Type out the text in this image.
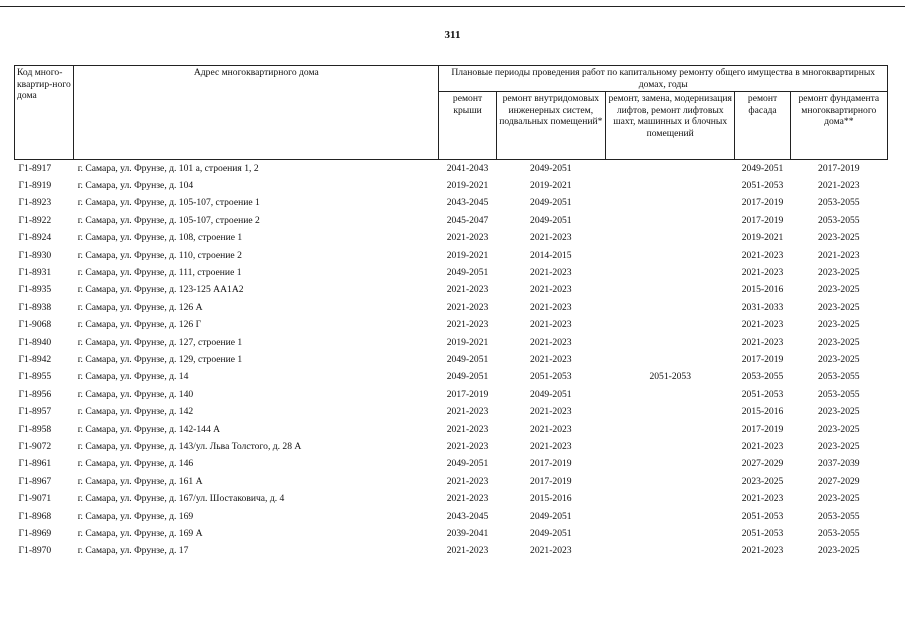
311
Код много-квартир-ного дома	Адрес многоквартирного дома	Плановые периоды проведения работ по капитальному ремонту общего имущества в многоквартирных домах, годы				
		ремонт крыши	ремонт внутридомовых инженерных систем, подвальных помещений*	ремонт, замена, модернизация лифтов, ремонт лифтовых шахт, машинных и блочных помещений	ремонт фасада	ремонт фундамента многоквартирного дома**
Г1-8917	г. Самара, ул. Фрунзе, д. 101 а, строения 1, 2	2041-2043	2049-2051		2049-2051	2017-2019
Г1-8919	г. Самара, ул. Фрунзе, д. 104	2019-2021	2019-2021		2051-2053	2021-2023
Г1-8923	г. Самара, ул. Фрунзе, д. 105-107, строение 1	2043-2045	2049-2051		2017-2019	2053-2055
Г1-8922	г. Самара, ул. Фрунзе, д. 105-107, строение 2	2045-2047	2049-2051		2017-2019	2053-2055
Г1-8924	г. Самара, ул. Фрунзе, д. 108, строение 1	2021-2023	2021-2023		2019-2021	2023-2025
Г1-8930	г. Самара, ул. Фрунзе, д. 110, строение 2	2019-2021	2014-2015		2021-2023	2021-2023
Г1-8931	г. Самара, ул. Фрунзе, д. 111, строение 1	2049-2051	2021-2023		2021-2023	2023-2025
Г1-8935	г. Самара, ул. Фрунзе, д. 123-125 АА1А2	2021-2023	2021-2023		2015-2016	2023-2025
Г1-8938	г. Самара, ул. Фрунзе, д. 126 А	2021-2023	2021-2023		2031-2033	2023-2025
Г1-9068	г. Самара, ул. Фрунзе, д. 126 Г	2021-2023	2021-2023		2021-2023	2023-2025
Г1-8940	г. Самара, ул. Фрунзе, д. 127, строение 1	2019-2021	2021-2023		2021-2023	2023-2025
Г1-8942	г. Самара, ул. Фрунзе, д. 129, строение 1	2049-2051	2021-2023		2017-2019	2023-2025
Г1-8955	г. Самара, ул. Фрунзе, д. 14	2049-2051	2051-2053	2051-2053	2053-2055	2053-2055
Г1-8956	г. Самара, ул. Фрунзе, д. 140	2017-2019	2049-2051		2051-2053	2053-2055
Г1-8957	г. Самара, ул. Фрунзе, д. 142	2021-2023	2021-2023		2015-2016	2023-2025
Г1-8958	г. Самара, ул. Фрунзе, д. 142-144 А	2021-2023	2021-2023		2017-2019	2023-2025
Г1-9072	г. Самара, ул. Фрунзе, д. 143/ул. Льва Толстого, д. 28 А	2021-2023	2021-2023		2021-2023	2023-2025
Г1-8961	г. Самара, ул. Фрунзе, д. 146	2049-2051	2017-2019		2027-2029	2037-2039
Г1-8967	г. Самара, ул. Фрунзе, д. 161 А	2021-2023	2017-2019		2023-2025	2027-2029
Г1-9071	г. Самара, ул. Фрунзе, д. 167/ул. Шостаковича, д. 4	2021-2023	2015-2016		2021-2023	2023-2025
Г1-8968	г. Самара, ул. Фрунзе, д. 169	2043-2045	2049-2051		2051-2053	2053-2055
Г1-8969	г. Самара, ул. Фрунзе, д. 169 А	2039-2041	2049-2051		2051-2053	2053-2055
Г1-8970	г. Самара, ул. Фрунзе, д. 17	2021-2023	2021-2023		2021-2023	2023-2025
